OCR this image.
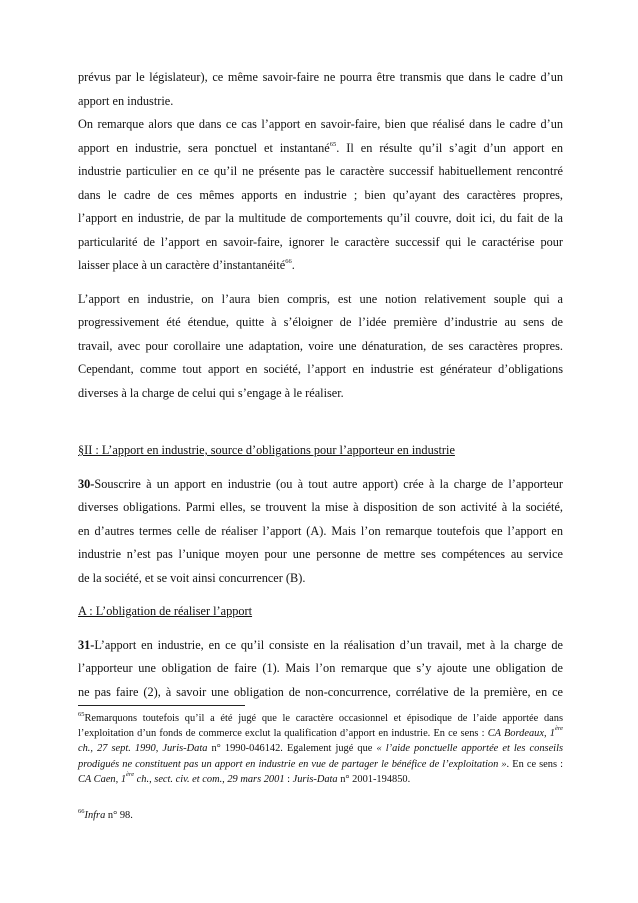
prévus par le législateur), ce même savoir-faire ne pourra être transmis que dans le cadre d’un

apport en industrie.

On remarque alors que dans ce cas l’apport en savoir-faire, bien que réalisé dans le cadre d’un

apport en industrie, sera ponctuel et instantané$^{65}$. Il en résulte qu’il s’agit d’un apport en

industrie particulier en ce qu’il ne présente pas le caractère successif habituellement rencontré

dans le cadre de ces mêmes apports en industrie ; bien qu’ayant des caractères propres,

l’apport en industrie, de par la multitude de comportements qu’il couvre, doit ici, du fait de la

particularité de l’apport en savoir-faire, ignorer le caractère successif qui le caractérise pour

laisser place à un caractère d’instantanéité$^{66}$.

L’apport en industrie, on l’aura bien compris, est une notion relativement souple qui a

progressivement été étendue, quitte à s’éloigner de l’idée première d’industrie au sens de

travail, avec pour corollaire une adaptation, voire une dénaturation, de ses caractères propres.

Cependant, comme tout apport en société, l’apport en industrie est générateur d’obligations

diverses à la charge de celui qui s’engage à le réaliser.

§II : L’apport en industrie, source d’obligations pour l’apporteur en industrie

30-Souscrire à un apport en industrie (ou à tout autre apport) crée à la charge de l’apporteur

diverses obligations. Parmi elles, se trouvent la mise à disposition de son activité à la société,

en d’autres termes celle de réaliser l’apport (A). Mais l’on remarque toutefois que l’apport en

industrie n’est pas l’unique moyen pour une personne de mettre ses compétences au service

de la société, et se voit ainsi concurrencer (B).

A : L’obligation de réaliser l’apport

31-L’apport en industrie, en ce qu’il consiste en la réalisation d’un travail, met à la charge de

l’apporteur une obligation de faire (1). Mais l’on remarque que s’y ajoute une obligation de

ne pas faire (2), à savoir une obligation de non-concurrence, corrélative de la première, en ce

$^{65}$Remarquons toutefois qu’il a été jugé que le caractère occasionnel et épisodique de l’aide apportée dans l’exploitation d’un fonds de commerce exclut la qualification d’apport en industrie. En ce sens : CA Bordeaux, 1ère ch., 27 sept. 1990, Juris-Data n° 1990-046142. Egalement jugé que « l’aide ponctuelle apportée et les conseils prodigués ne constituent pas un apport en industrie en vue de partager le bénéfice de l’exploitation ». En ce sens : CA Caen, 1ère ch., sect. civ. et com., 29 mars 2001 : Juris-Data n° 2001-194850.
$^{66}$Infra n° 98.
